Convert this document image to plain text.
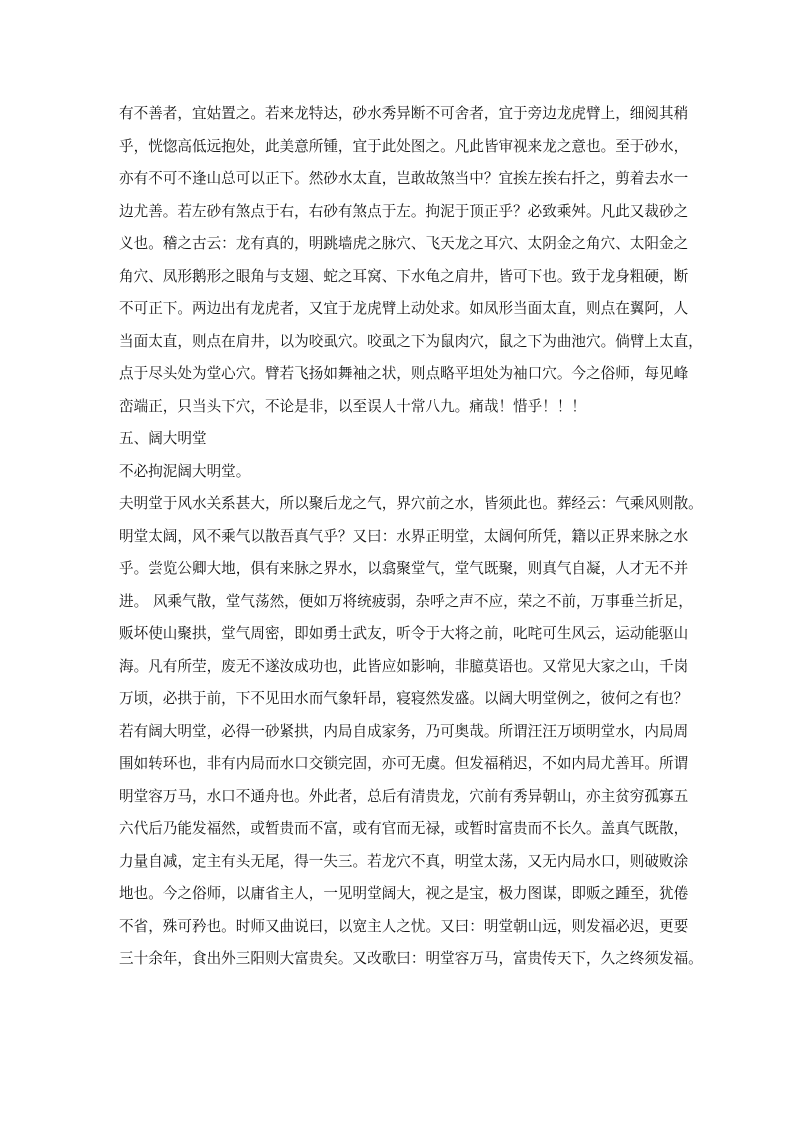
有不善者，宜姑置之。若来龙特达，砂水秀异断不可舍者，宜于旁边龙虎臂上，细阅其稍
乎，恍惚高低远抱处，此美意所锺，宜于此处图之。凡此皆审视来龙之意也。至于砂水，
亦有不可不逢山总可以正下。然砂水太直，岂敢故煞当中？宜挨左挨右扦之，剪着去水一
边尤善。若左砂有煞点于右，右砂有煞点于左。拘泥于顶正乎？必致乘舛。凡此又裁砂之
义也。稽之古云：龙有真的，明跳墙虎之脉穴、飞天龙之耳穴、太阴金之角穴、太阳金之
角穴、凤形鹅形之眼角与支翅、蛇之耳窝、下水龟之肩井，皆可下也。致于龙身粗硬，断
不可正下。两边出有龙虎者，又宜于龙虎臂上动处求。如凤形当面太直，则点在翼阿，人
当面太直，则点在肩井，以为咬虱穴。咬虱之下为鼠肉穴，鼠之下为曲池穴。倘臂上太直，
点于尽头处为堂心穴。臂若飞扬如舞袖之状，则点略平坦处为袖口穴。今之俗师，每见峰
峦端正，只当头下穴，不论是非，以至误人十常八九。痛哉！惜乎！！！
五、阔大明堂
不必拘泥阔大明堂。
夫明堂于风水关系甚大，所以聚后龙之气，界穴前之水，皆须此也。葬经云：气乘风则散。
明堂太阔，风不乘气以散吾真气乎？又曰：水界正明堂，太阔何所凭，籍以正界来脉之水
乎。尝览公卿大地，俱有来脉之界水，以翕聚堂气，堂气既聚，则真气自凝，人才无不并
进。 风乘气散，堂气荡然，便如万将统疲弱，杂呼之声不应，荣之不前，万事垂兰折足，
贩坏使山聚拱，堂气周密，即如勇士武友，听令于大将之前，叱咤可生风云，运动能驱山
海。凡有所茔，废无不遂汝成功也，此皆应如影响，非臆莫语也。又常见大家之山，千岗
万顷，必拱于前，下不见田水而气象轩昂，寝寝然发盛。以阔大明堂例之，彼何之有也？
若有阔大明堂，必得一砂紧拱，内局自成家务，乃可奥哉。所谓汪汪万顷明堂水，内局周
围如转环也，非有内局而水口交锁完固，亦可无虞。但发福稍迟，不如内局尤善耳。所谓
明堂容万马，水口不通舟也。外此者，总后有清贵龙，穴前有秀异朝山，亦主贫穷孤寡五
六代后乃能发福然，或暂贵而不富，或有官而无禄，或暂时富贵而不长久。盖真气既散，
力量自减，定主有头无尾，得一失三。若龙穴不真，明堂太荡，又无内局水口，则破败涂
地也。今之俗师，以庸省主人，一见明堂阔大，视之是宝，极力图谋，即贩之踵至，犹倦
不省，殊可矜也。时师又曲说曰，以宽主人之忧。又曰：明堂朝山远，则发福必迟，更要
三十余年，食出外三阳则大富贵矣。又改歌曰：明堂容万马，富贵传天下，久之终须发福。
